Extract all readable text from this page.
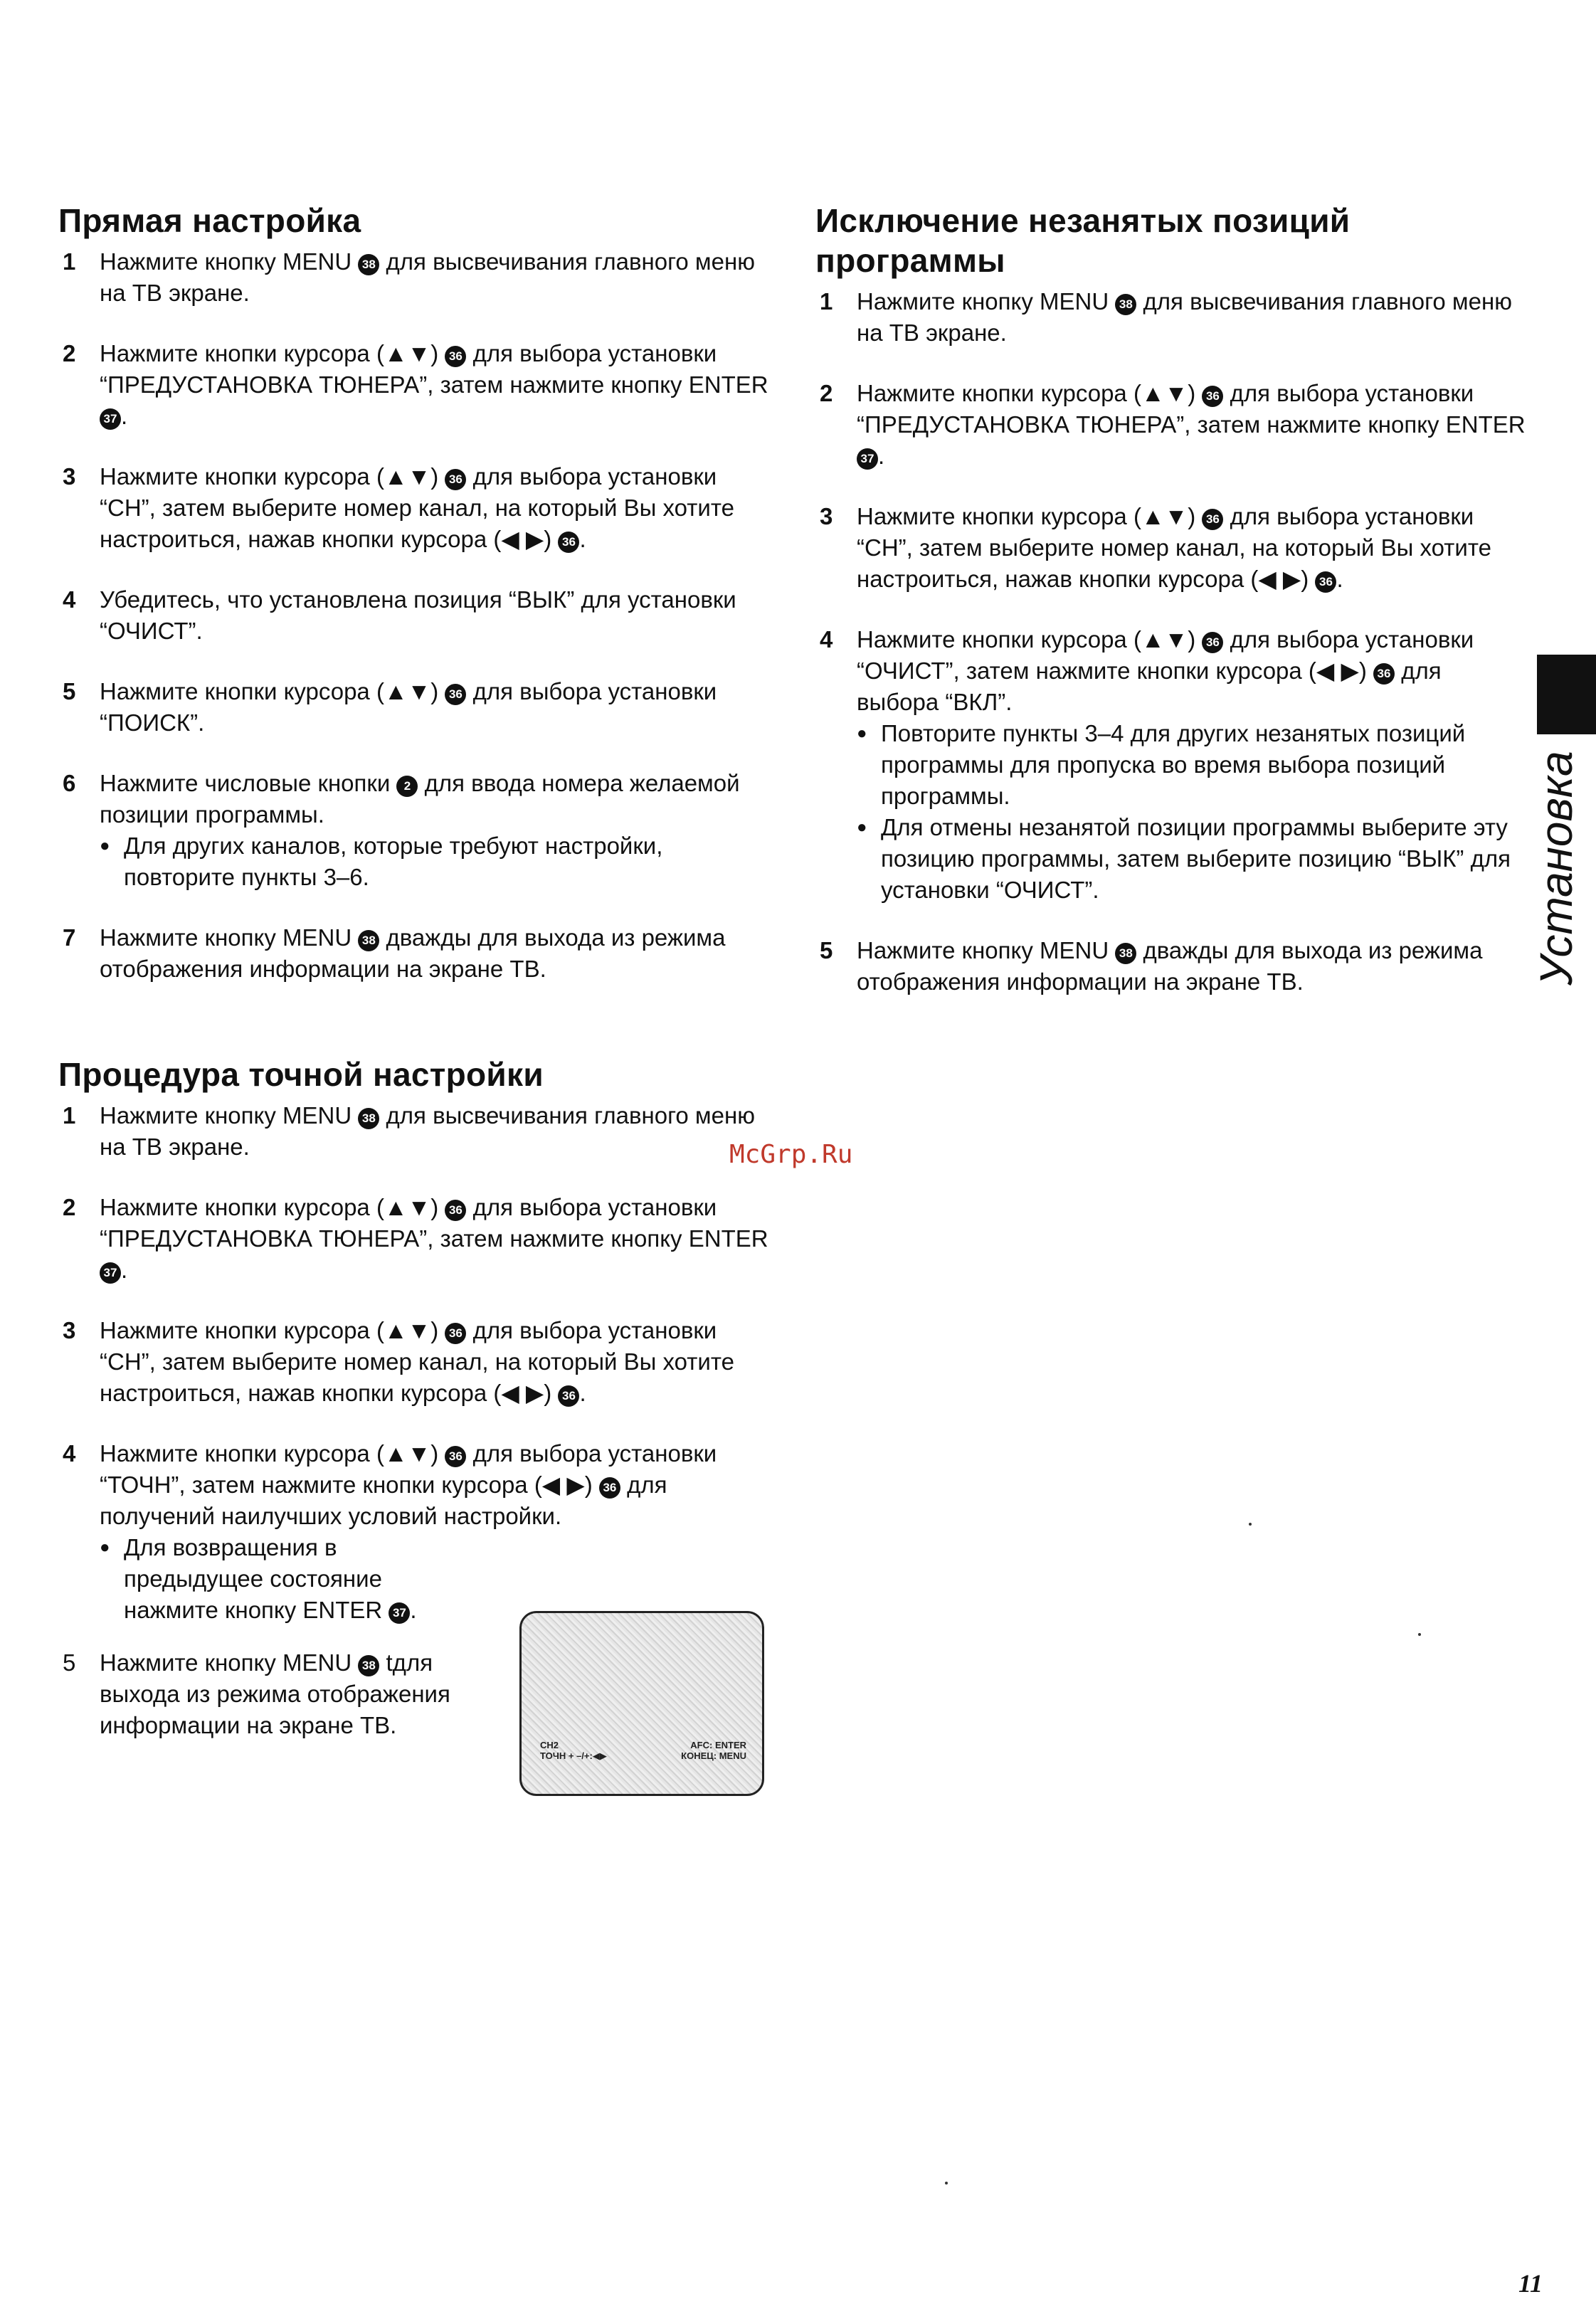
Прямая настройка
1 Нажмите кнопку MENU 38 для высвечивания главного меню на ТВ экране.
2 Нажмите кнопки курсора (▲▼) 36 для выбора установки “ПРЕДУСТАНОВКА ТЮНЕРА”, затем нажмите кнопку ENTER 37 .
3 Нажмите кнопки курсора (▲▼) 36 для выбора установки “CH”, затем выберите номер канал, на который Вы хотите настроиться, нажав кнопки курсора (◀ ▶) 36 .
4 Убедитесь, что установлена позиция “ВЫК” для установки “ОЧИСТ”.
5 Нажмите кнопки курсора (▲▼) 36 для выбора установки “ПОИСК”.
6 Нажмите числовые кнопки 2 для ввода номера желаемой позиции программы.
● Для других каналов, которые требуют настройки, повторите пункты 3–6.
7 Нажмите кнопку MENU 38 дважды для выхода из режима отображения информации на экране ТВ.
Процедура точной настройки
1 Нажмите кнопку MENU 38 для высвечивания главного меню на ТВ экране.
2 Нажмите кнопки курсора (▲▼) 36 для выбора установки “ПРЕДУСТАНОВКА ТЮНЕРА”, затем нажмите кнопку ENTER 37 .
3 Нажмите кнопки курсора (▲▼) 36 для выбора установки “CH”, затем выберите номер канал, на который Вы хотите настроиться, нажав кнопки курсора (◀ ▶) 36 .
4 Нажмите кнопки курсора (▲▼) 36 для выбора установки “ТОЧН”, затем нажмите кнопки курсора (◀ ▶) 36 для получений наилучших условий настройки.
● Для возвращения в предыдущее состояние нажмите кнопку ENTER 37 .
5 Нажмите кнопку MENU 38 tдля выхода из режима отображения информации на экране ТВ.
CH2	AFC: ENTER
ТОЧН + –/+:◀▶	КОНЕЦ: MENU
Исключение незанятых позиций
программы
1 Нажмите кнопку MENU 38 для высвечивания главного меню на ТВ экране.
2 Нажмите кнопки курсора (▲▼) 36 для выбора установки “ПРЕДУСТАНОВКА ТЮНЕРА”, затем нажмите кнопку ENTER 37 .
3 Нажмите кнопки курсора (▲▼) 36 для выбора установки “CH”, затем выберите номер канал, на который Вы хотите настроиться, нажав кнопки курсора (◀ ▶) 36 .
4 Нажмите кнопки курсора (▲▼) 36 для выбора установки “ОЧИСТ”, затем нажмите кнопки курсора (◀ ▶) 36 для выбора “ВКЛ”.
● Повторите пункты 3–4 для других незанятых позиций программы для пропуска во время выбора позиций программы.
● Для отмены незанятой позиции программы выберите эту позицию программы, затем выберите позицию “ВЫК” для установки “ОЧИСТ”.
5 Нажмите кнопку MENU 38 дважды для выхода из режима отображения информации на экране ТВ.	Установка
McGrp.Ru
11
